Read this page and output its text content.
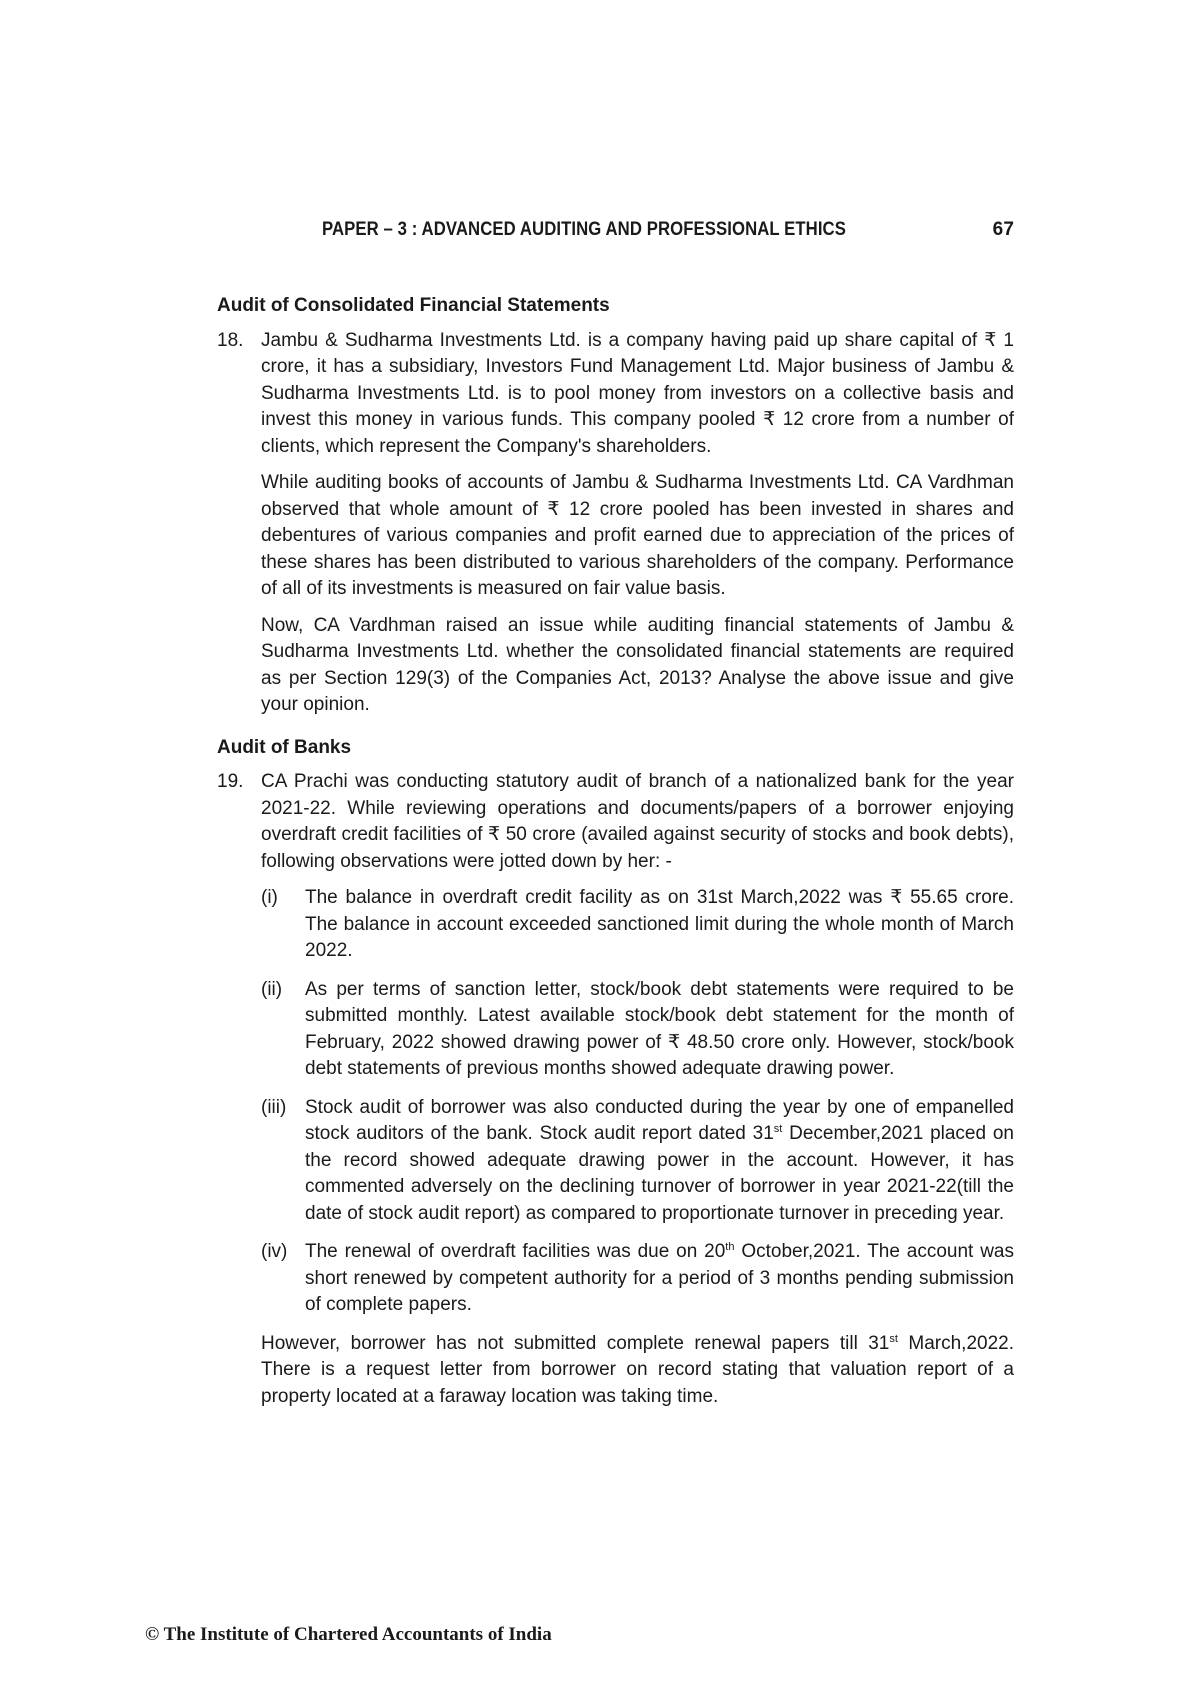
PAPER – 3 : ADVANCED AUDITING AND PROFESSIONAL ETHICS	67
Audit of Consolidated Financial Statements
18. Jambu & Sudharma Investments Ltd. is a company having paid up share capital of ₹ 1 crore, it has a subsidiary, Investors Fund Management Ltd. Major business of Jambu & Sudharma Investments Ltd. is to pool money from investors on a collective basis and invest this money in various funds. This company pooled ₹ 12 crore from a number of clients, which represent the Company's shareholders.

While auditing books of accounts of Jambu & Sudharma Investments Ltd. CA Vardhman observed that whole amount of ₹ 12 crore pooled has been invested in shares and debentures of various companies and profit earned due to appreciation of the prices of these shares has been distributed to various shareholders of the company. Performance of all of its investments is measured on fair value basis.

Now, CA Vardhman raised an issue while auditing financial statements of Jambu & Sudharma Investments Ltd. whether the consolidated financial statements are required as per Section 129(3) of the Companies Act, 2013? Analyse the above issue and give your opinion.

Audit of Banks
19. CA Prachi was conducting statutory audit of branch of a nationalized bank for the year 2021-22. While reviewing operations and documents/papers of a borrower enjoying overdraft credit facilities of ₹ 50 crore (availed against security of stocks and book debts), following observations were jotted down by her: -

(i) The balance in overdraft credit facility as on 31st March,2022 was ₹ 55.65 crore. The balance in account exceeded sanctioned limit during the whole month of March 2022.
(ii) As per terms of sanction letter, stock/book debt statements were required to be submitted monthly. Latest available stock/book debt statement for the month of February, 2022 showed drawing power of ₹ 48.50 crore only. However, stock/book debt statements of previous months showed adequate drawing power.
(iii) Stock audit of borrower was also conducted during the year by one of empanelled stock auditors of the bank. Stock audit report dated 31st December,2021 placed on the record showed adequate drawing power in the account. However, it has commented adversely on the declining turnover of borrower in year 2021-22(till the date of stock audit report) as compared to proportionate turnover in preceding year.
(iv) The renewal of overdraft facilities was due on 20th October,2021. The account was short renewed by competent authority for a period of 3 months pending submission of complete papers.

However, borrower has not submitted complete renewal papers till 31st March,2022. There is a request letter from borrower on record stating that valuation report of a property located at a faraway location was taking time.

© The Institute of Chartered Accountants of India
